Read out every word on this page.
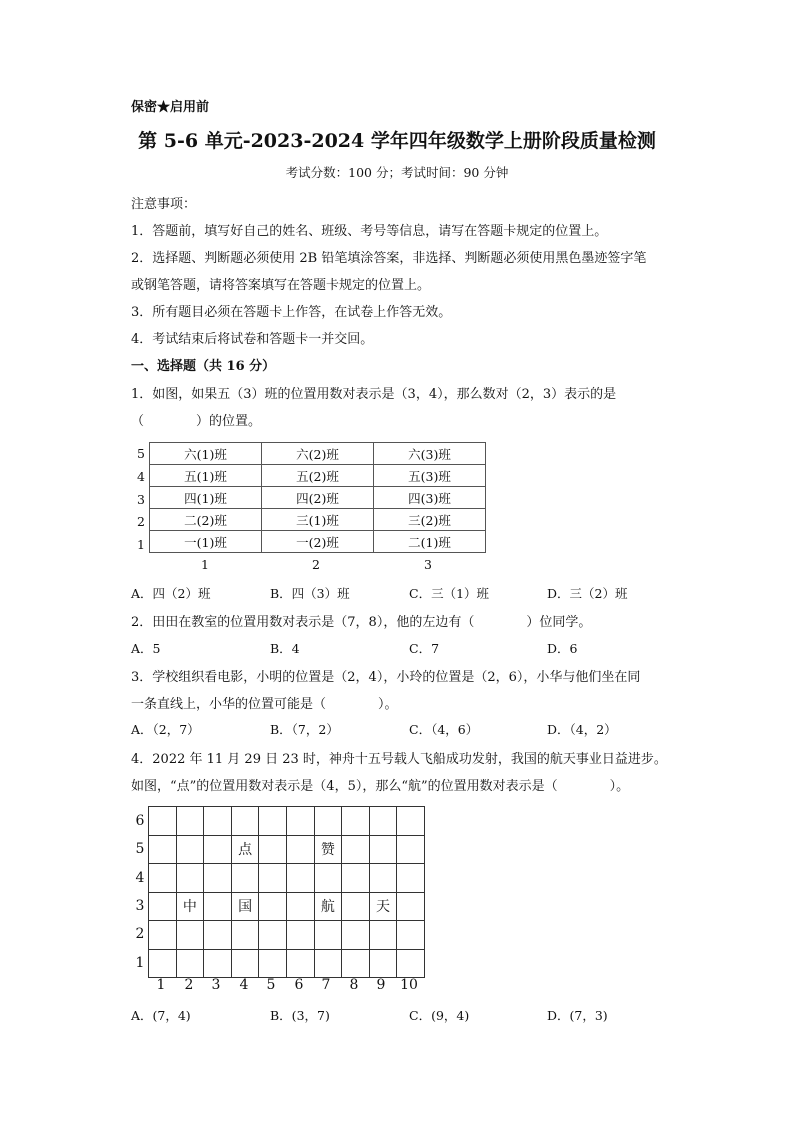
保密★启用前
第 5-6 单元-2023-2024 学年四年级数学上册阶段质量检测
考试分数：100 分；考试时间：90 分钟
注意事项：
1．答题前，填写好自己的姓名、班级、考号等信息，请写在答题卡规定的位置上。
2．选择题、判断题必须使用 2B 铅笔填涂答案，非选择、判断题必须使用黑色墨迹签字笔
或钢笔答题，请将答案填写在答题卡规定的位置上。
3．所有题目必须在答题卡上作答，在试卷上作答无效。
4．考试结束后将试卷和答题卡一并交回。
一、选择题（共 16 分）
1．如图，如果五（3）班的位置用数对表示是（3，4），那么数对（2，3）表示的是
（　　　　）的位置。
5
4
3
2
1
六(1)班	六(2)班	六(3)班
五(1)班	五(2)班	五(3)班
四(1)班	四(2)班	四(3)班
二(2)班	三(1)班	三(2)班
一(1)班	一(2)班	二(1)班
1	2	3
A．四（2）班	B．四（3）班	C．三（1）班	D．三（2）班
2．田田在教室的位置用数对表示是（7，8），他的左边有（　　　　）位同学。
A．5	B．4	C．7	D．6
3．学校组织看电影，小明的位置是（2，4），小玲的位置是（2，6），小华与他们坐在同
一条直线上，小华的位置可能是（　　　　）。
A．（2，7）	B．（7，2）	C．（4，6）	D．（4，2）
4．2022 年 11 月 29 日 23 时，神舟十五号载人飞船成功发射，我国的航天事业日益进步。
如图，“点”的位置用数对表示是（4，5），那么“航”的位置用数对表示是（　　　　）。
6
5
4
3
2
1

			点			赞			

	中		国			航		天	

1	2	3	4	5	6	7	8	9	10
A．(7，4)	B．(3，7)	C．(9，4)	D．(7，3)
